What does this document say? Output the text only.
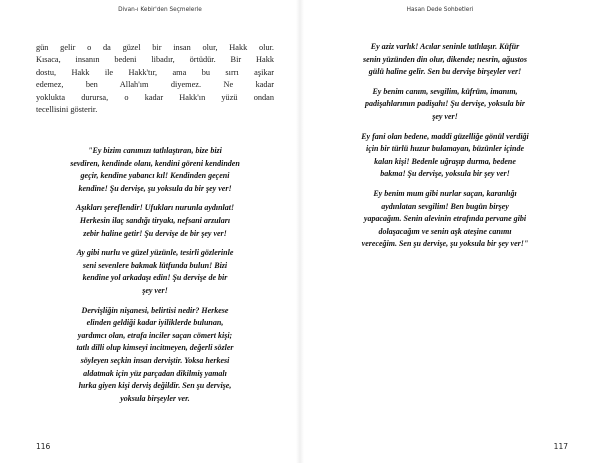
Divan-ı Kebir'den Seçmelerle
gün gelir o da güzel bir insan olur, Hakk olur.
Kısaca, insanın bedeni libadır, örtüdür. Bir Hakk
dostu, Hakk ile Hakk'tır, ama bu sırrı aşikar
edemez, ben Allah'ım diyemez. Ne kadar
yoklukta durursa, o kadar Hakk'ın yüzü ondan
tecellisini gösterir.
"Ey bizim canımızı tatlılaştıran, bize bizi
sevdiren, kendinde olanı, kendini göreni kendinden
geçir, kendine yabancı kıl! Kendinden geçeni
kendine! Şu dervişe, şu yoksula da bir şey ver!
Aşıkları şereflendir! Ufukları nurunla aydınlat!
Herkesin ilaç sandığı tiryakı, nefsani arzuları
zebir haline getir! Şu dervişe de bir şey ver!
Ay gibi nurlu ve güzel yüzünle, tesirli gözlerinle
seni sevenlere bakmak lütfunda bulun! Bizi
kendine yol arkadaşı edin! Şu dervişe de bir
şey ver!
Dervişliğin nişanesi, belirtisi nedir? Herkese
elinden geldiği kadar iyiliklerde bulunan,
yardımcı olan, etrafa inciler saçan cömert kişi;
tatlı dilli olup kimseyi incitmeyen, değerli sözler
söyleyen seçkin insan derviştir. Yoksa herkesi
aldatmak için yüz parçadan dikilmiş yamalı
hırka giyen kişi derviş değildir. Sen şu dervişe,
yoksula birşeyler ver.
116
Hasan Dede Sohbetleri
Ey aziz varlık! Acılar seninle tatlılaşır. Küfür
senin yüzünden din olur, dikende; nesrin, ağustos
gülü haline gelir. Sen bu dervişe birşeyler ver!
Ey benim canım, sevgilim, küfrüm, imanım,
padişahlarımın padişahı! Şu dervişe, yoksula bir
şey ver!
Ey fani olan bedene, maddi güzelliğe gönül verdiği
için bir türlü huzur bulamayan, büzünler içinde
kalan kişi! Bedenle uğraşıp durma, bedene
bakma! Şu dervişe, yoksula bir şey ver!
Ey benim mum gibi nurlar saçan, karanlığı
aydınlatan sevgilim! Ben bugün birşey
yapacağım. Senin alevinin etrafında pervane gibi
dolaşacağım ve senin aşk ateşine canımı
vereceğim. Sen şu dervişe, şu yoksula bir şey ver!"
117
